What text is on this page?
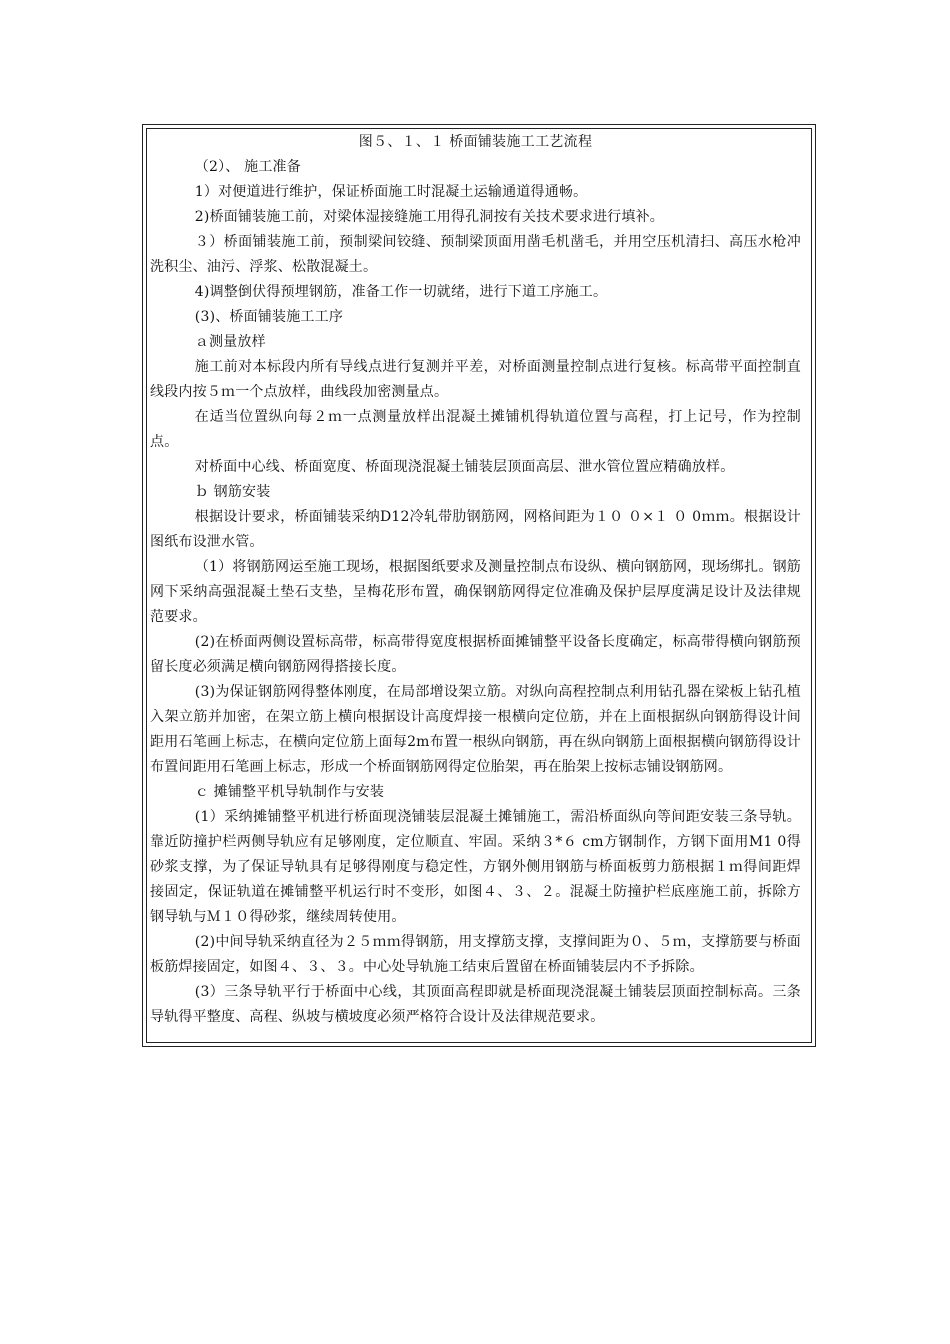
图５、１、１ 桥面铺装施工工艺流程

（2）、 施工准备

1）对便道进行维护，保证桥面施工时混凝土运输通道得通畅。

2)桥面铺装施工前，对梁体湿接缝施工用得孔洞按有关技术要求进行填补。

３）桥面铺装施工前，预制梁间铰缝、预制梁顶面用凿毛机凿毛，并用空压机清扫、高压水枪冲洗积尘、油污、浮浆、松散混凝土。

4)调整倒伏得预埋钢筋，准备工作一切就绪，进行下道工序施工。

(3)、桥面铺装施工工序

ａ测量放样

施工前对本标段内所有导线点进行复测并平差，对桥面测量控制点进行复核。标高带平面控制直线段内按５ｍ一个点放样，曲线段加密测量点。

在适当位置纵向每２ｍ一点测量放样出混凝土摊铺机得轨道位置与高程，打上记号，作为控制点。

对桥面中心线、桥面宽度、桥面现浇混凝土铺装层顶面高层、泄水管位置应精确放样。

ｂ 钢筋安装

根据设计要求，桥面铺装采纳D12冷轧带肋钢筋网，网格间距为１０ ０×１ ０ 0ｍｍ。根据设计图纸布设泄水管。

（1）将钢筋网运至施工现场，根据图纸要求及测量控制点布设纵、横向钢筋网，现场绑扎。钢筋网下采纳高强混凝土垫石支垫，呈梅花形布置，确保钢筋网得定位准确及保护层厚度满足设计及法律规范要求。

(2)在桥面两侧设置标高带，标高带得宽度根据桥面摊铺整平设备长度确定，标高带得横向钢筋预留长度必须满足横向钢筋网得搭接长度。

(3)为保证钢筋网得整体刚度，在局部增设架立筋。对纵向高程控制点利用钻孔器在梁板上钻孔植入架立筋并加密，在架立筋上横向根据设计高度焊接一根横向定位筋，并在上面根据纵向钢筋得设计间距用石笔画上标志，在横向定位筋上面每2m布置一根纵向钢筋，再在纵向钢筋上面根据横向钢筋得设计布置间距用石笔画上标志，形成一个桥面钢筋网得定位胎架，再在胎架上按标志铺设钢筋网。

ｃ 摊铺整平机导轨制作与安装

(1）采纳摊铺整平机进行桥面现浇铺装层混凝土摊铺施工，需沿桥面纵向等间距安装三条导轨。靠近防撞护栏两侧导轨应有足够刚度，定位顺直、牢固。采纳３*６ cm方钢制作，方钢下面用M1 0得砂浆支撑，为了保证导轨具有足够得刚度与稳定性，方钢外侧用钢筋与桥面板剪力筋根据１ｍ得间距焊接固定，保证轨道在摊铺整平机运行时不变形，如图４、３、２。混凝土防撞护栏底座施工前，拆除方钢导轨与Ｍ１０得砂浆，继续周转使用。

(2)中间导轨采纳直径为２５ｍｍ得钢筋，用支撑筋支撑，支撑间距为０、５ｍ，支撑筋要与桥面板筋焊接固定，如图４、３、３。中心处导轨施工结束后置留在桥面铺装层内不予拆除。

(3）三条导轨平行于桥面中心线，其顶面高程即就是桥面现浇混凝土铺装层顶面控制标高。三条导轨得平整度、高程、纵坡与横坡度必须严格符合设计及法律规范要求。
